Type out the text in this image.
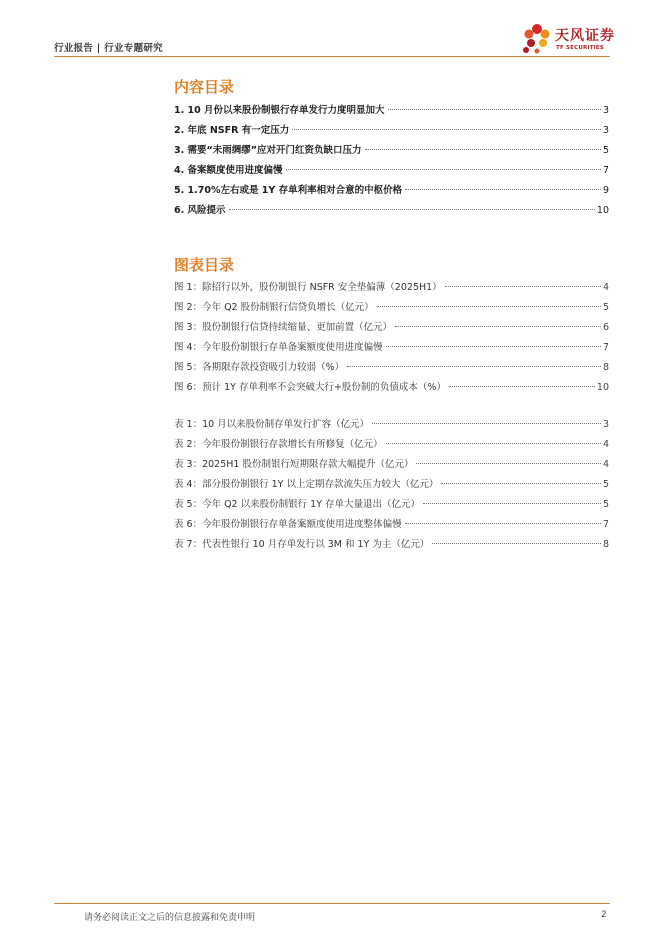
行业报告 | 行业专题研究
天风证券
TF SECURITIES
内容目录
1. 10 月份以来股份制银行存单发行力度明显加大	3
2. 年底 NSFR 有一定压力	3
3. 需要“未雨绸缪”应对开门红资负缺口压力	5
4. 备案额度使用进度偏慢	7
5. 1.70%左右或是 1Y 存单利率相对合意的中枢价格	9
6. 风险提示	10
图表目录
图 1：除招行以外，股份制银行 NSFR 安全垫偏薄（2025H1）	4
图 2：今年 Q2 股份制银行信贷负增长（亿元）	5
图 3：股份制银行信贷持续缩量、更加前置（亿元）	6
图 4：今年股份制银行存单备案额度使用进度偏慢	7
图 5：各期限存款投资吸引力较弱（%）	8
图 6：预计 1Y 存单利率不会突破大行+股份制的负债成本（%）	10
表 1：10 月以来股份制存单发行扩容（亿元）	3
表 2：今年股份制银行存款增长有所修复（亿元）	4
表 3：2025H1 股份制银行短期限存款大幅提升（亿元）	4
表 4：部分股份制银行 1Y 以上定期存款流失压力较大（亿元）	5
表 5：今年 Q2 以来股份制银行 1Y 存单大量退出（亿元）	5
表 6：今年股份制银行存单备案额度使用进度整体偏慢	7
表 7：代表性银行 10 月存单发行以 3M 和 1Y 为主（亿元）	8
请务必阅读正文之后的信息披露和免责申明	2
